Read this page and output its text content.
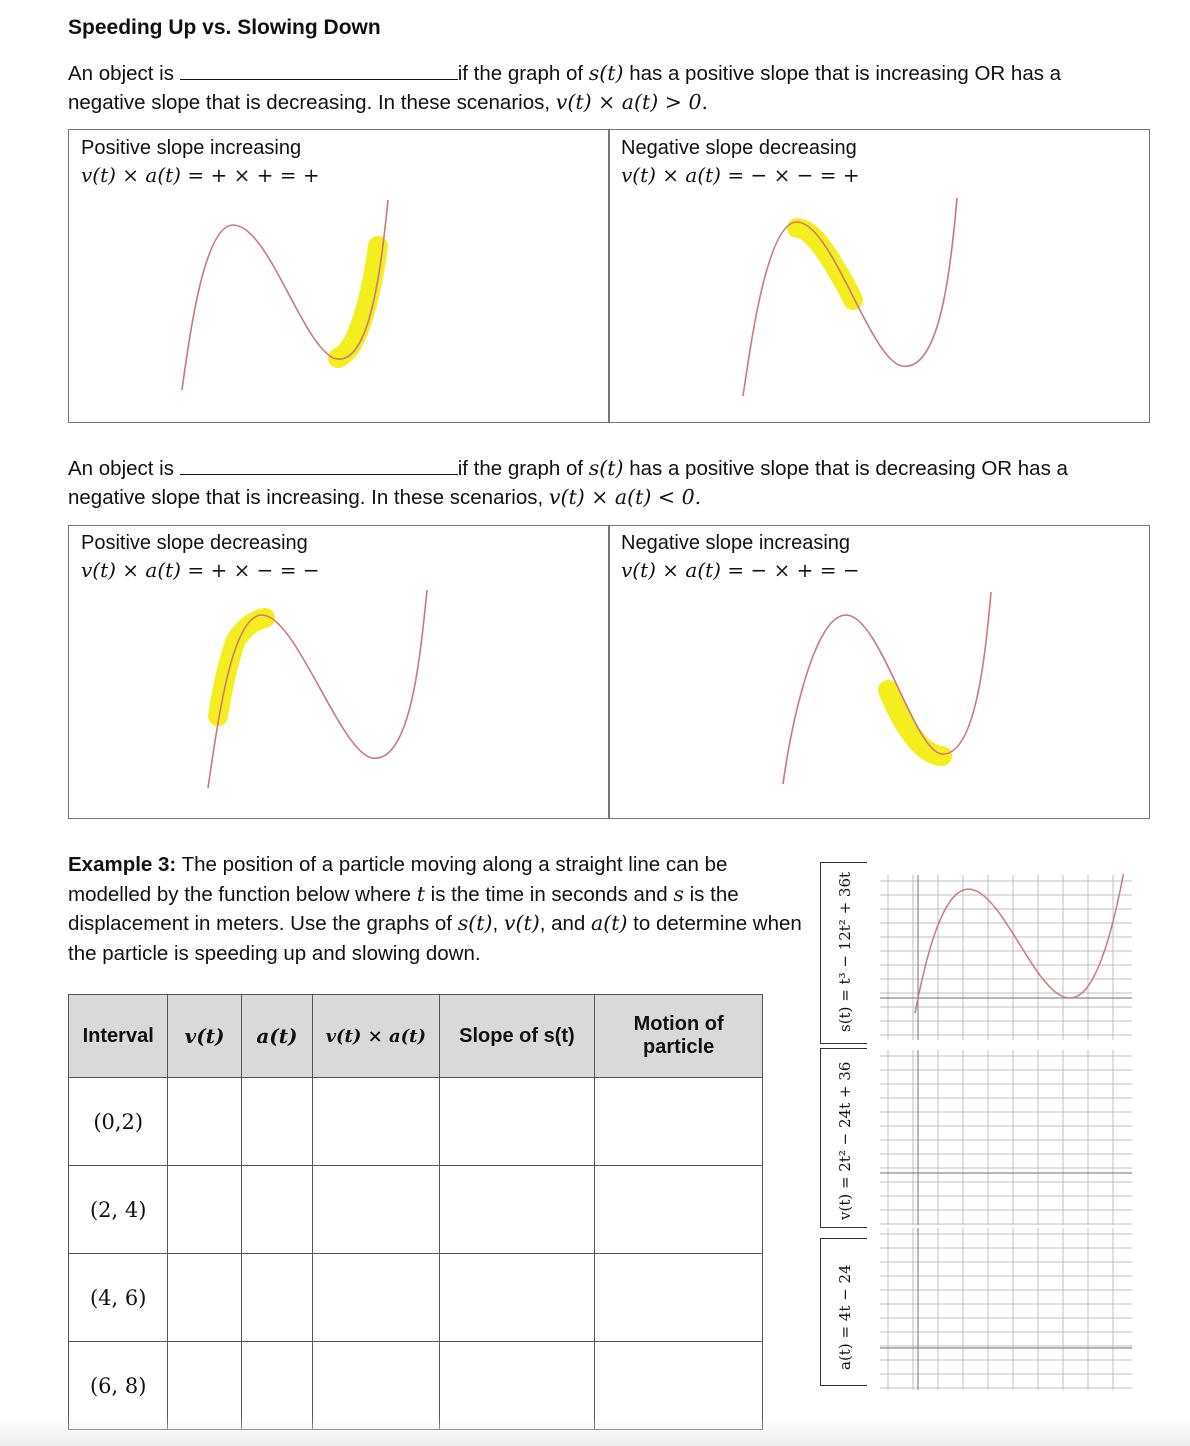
Speeding Up vs. Slowing Down
An object is	if the graph of s(t) has a positive slope that is increasing OR has a
negative slope that is decreasing. In these scenarios, v(t) × a(t) > 0.
Positive slope increasing
v(t) × a(t) = + × + = +
Negative slope decreasing
v(t) × a(t) = − × − = +
An object is	if the graph of s(t) has a positive slope that is decreasing OR has a
negative slope that is increasing. In these scenarios, v(t) × a(t) < 0.
Positive slope decreasing
v(t) × a(t) = + × − = −
Negative slope increasing
v(t) × a(t) = − × + = −
Example 3: The position of a particle moving along a straight line can be modelled by the function below where t is the time in seconds and s is the displacement in meters. Use the graphs of s(t), v(t), and a(t) to determine when the particle is speeding up and slowing down.
Interval	v(t)	a(t)	v(t) × a(t)	Slope of s(t)	Motion of particle
(0,2)					
(2, 4)					
(4, 6)					
(6, 8)					
s(t) = t³ − 12t² + 36t
v(t) = 2t² − 24t + 36
a(t) = 4t − 24
